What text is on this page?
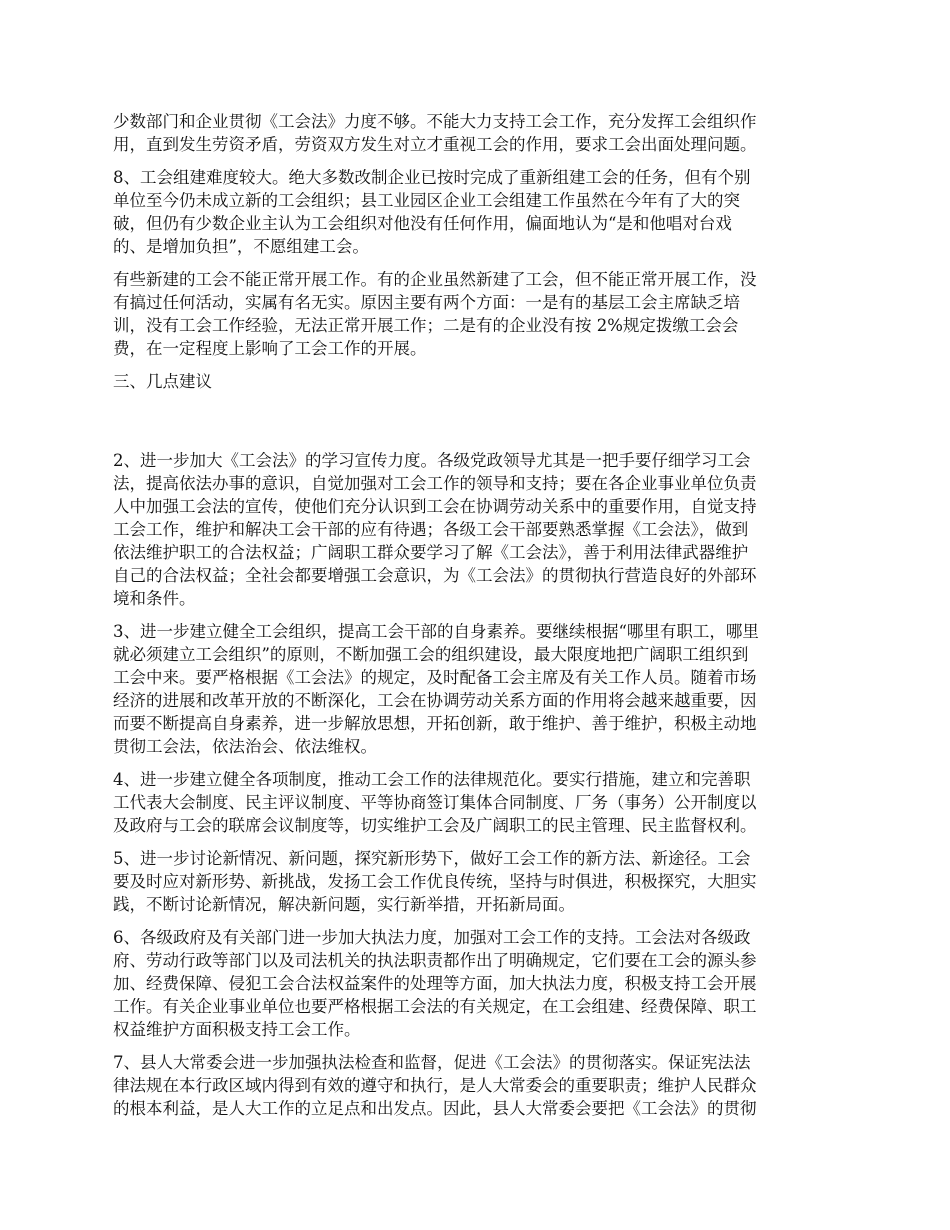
少数部门和企业贯彻《工会法》力度不够。不能大力支持工会工作，充分发挥工会组织作
用，直到发生劳资矛盾，劳资双方发生对立才重视工会的作用，要求工会出面处理问题。
8、工会组建难度较大。绝大多数改制企业已按时完成了重新组建工会的任务，但有个别
单位至今仍未成立新的工会组织；县工业园区企业工会组建工作虽然在今年有了大的突
破，但仍有少数企业主认为工会组织对他没有任何作用，偏面地认为“是和他唱对台戏
的、是增加负担”，不愿组建工会。
有些新建的工会不能正常开展工作。有的企业虽然新建了工会，但不能正常开展工作，没
有搞过任何活动，实属有名无实。原因主要有两个方面：一是有的基层工会主席缺乏培
训，没有工会工作经验，无法正常开展工作；二是有的企业没有按 2%规定拨缴工会会
费，在一定程度上影响了工会工作的开展。

三、几点建议

2、进一步加大《工会法》的学习宣传力度。各级党政领导尤其是一把手要仔细学习工会
法，提高依法办事的意识，自觉加强对工会工作的领导和支持；要在各企业事业单位负责
人中加强工会法的宣传，使他们充分认识到工会在协调劳动关系中的重要作用，自觉支持
工会工作，维护和解决工会干部的应有待遇；各级工会干部要熟悉掌握《工会法》，做到
依法维护职工的合法权益；广阔职工群众要学习了解《工会法》，善于利用法律武器维护
自己的合法权益；全社会都要增强工会意识，为《工会法》的贯彻执行营造良好的外部环
境和条件。
3、进一步建立健全工会组织，提高工会干部的自身素养。要继续根据“哪里有职工，哪里
就必须建立工会组织”的原则，不断加强工会的组织建设，最大限度地把广阔职工组织到
工会中来。要严格根据《工会法》的规定，及时配备工会主席及有关工作人员。随着市场
经济的进展和改革开放的不断深化，工会在协调劳动关系方面的作用将会越来越重要，因
而要不断提高自身素养，进一步解放思想，开拓创新，敢于维护、善于维护，积极主动地
贯彻工会法，依法治会、依法维权。
4、进一步建立健全各项制度，推动工会工作的法律规范化。要实行措施，建立和完善职
工代表大会制度、民主评议制度、平等协商签订集体合同制度、厂务（事务）公开制度以
及政府与工会的联席会议制度等，切实维护工会及广阔职工的民主管理、民主监督权利。
5、进一步讨论新情况、新问题，探究新形势下，做好工会工作的新方法、新途径。工会
要及时应对新形势、新挑战，发扬工会工作优良传统，坚持与时俱进，积极探究，大胆实
践，不断讨论新情况，解决新问题，实行新举措，开拓新局面。
6、各级政府及有关部门进一步加大执法力度，加强对工会工作的支持。工会法对各级政
府、劳动行政等部门以及司法机关的执法职责都作出了明确规定，它们要在工会的源头参
加、经费保障、侵犯工会合法权益案件的处理等方面，加大执法力度，积极支持工会开展
工作。有关企业事业单位也要严格根据工会法的有关规定，在工会组建、经费保障、职工
权益维护方面积极支持工会工作。
7、县人大常委会进一步加强执法检查和监督，促进《工会法》的贯彻落实。保证宪法法
律法规在本行政区域内得到有效的遵守和执行，是人大常委会的重要职责；维护人民群众
的根本利益，是人大工作的立足点和出发点。因此，县人大常委会要把《工会法》的贯彻
